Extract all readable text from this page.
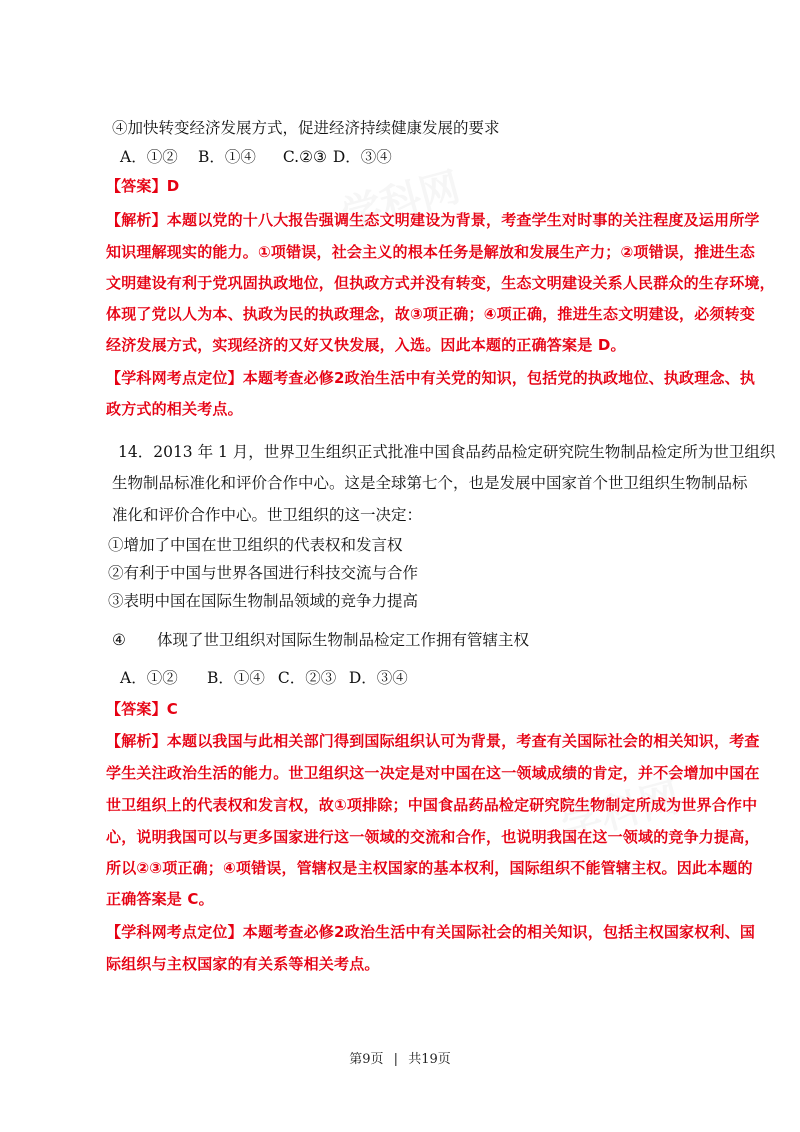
学科网
学科网
④加快转变经济发展方式，促进经济持续健康发展的要求
A．①② B．①④ C.②③ D．③④
【答案】D
【解析】本题以党的十八大报告强调生态文明建设为背景，考查学生对时事的关注程度及运用所学
知识理解现实的能力。①项错误，社会主义的根本任务是解放和发展生产力；②项错误，推进生态
文明建设有利于党巩固执政地位，但执政方式并没有转变，生态文明建设关系人民群众的生存环境，
体现了党以人为本、执政为民的执政理念，故③项正确；④项正确，推进生态文明建设，必须转变
经济发展方式，实现经济的又好又快发展，入选。因此本题的正确答案是 D。
【学科网考点定位】本题考查必修2政治生活中有关党的知识，包括党的执政地位、执政理念、执
政方式的相关考点。
14．2013 年 1 月，世界卫生组织正式批准中国食品药品检定研究院生物制品检定所为世卫组织
生物制品标准化和评价合作中心。这是全球第七个，也是发展中国家首个世卫组织生物制品标
准化和评价合作中心。世卫组织的这一决定：
①增加了中国在世卫组织的代表权和发言权
②有利于中国与世界各国进行科技交流与合作
③表明中国在国际生物制品领域的竞争力提高
④ 体现了世卫组织对国际生物制品检定工作拥有管辖主权
A．①② B．①④ C．②③ D．③④
【答案】C
【解析】本题以我国与此相关部门得到国际组织认可为背景，考查有关国际社会的相关知识，考查
学生关注政治生活的能力。世卫组织这一决定是对中国在这一领域成绩的肯定，并不会增加中国在
世卫组织上的代表权和发言权，故①项排除；中国食品药品检定研究院生物制定所成为世界合作中
心，说明我国可以与更多国家进行这一领域的交流和合作，也说明我国在这一领域的竞争力提高，
所以②③项正确；④项错误，管辖权是主权国家的基本权利，国际组织不能管辖主权。因此本题的
正确答案是 C。
【学科网考点定位】本题考查必修2政治生活中有关国际社会的相关知识，包括主权国家权利、国
际组织与主权国家的有关系等相关考点。
第9页 | 共19页
